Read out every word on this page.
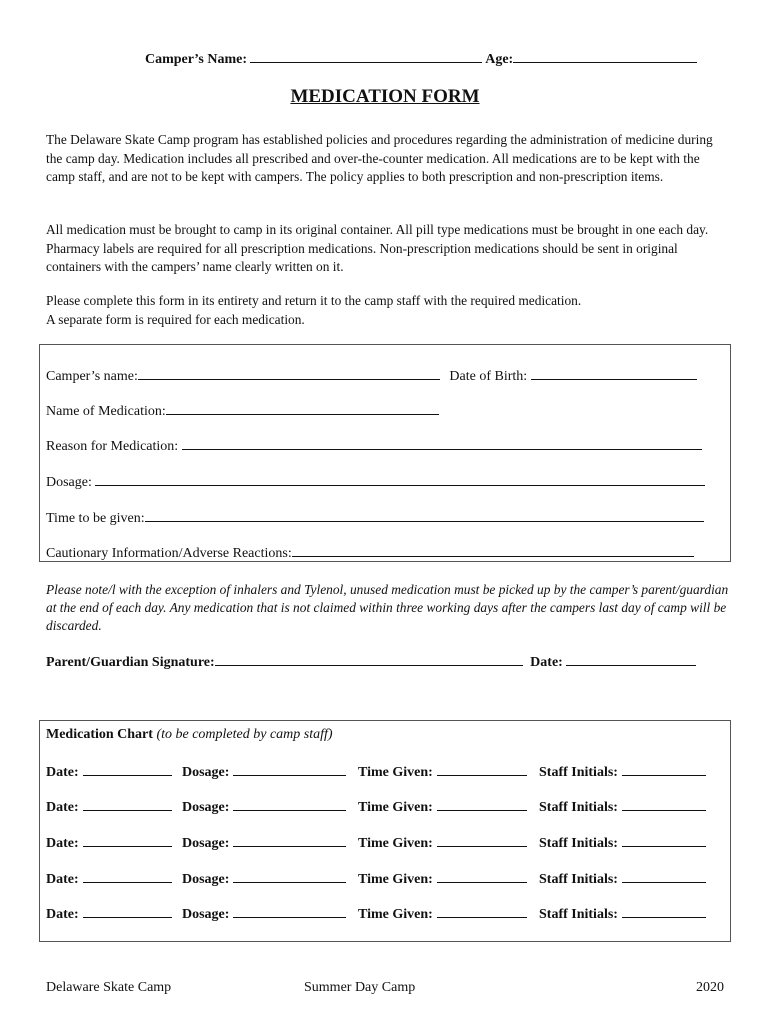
Camper’s Name:	Age:
MEDICATION FORM
The Delaware Skate Camp program has established policies and procedures regarding the administration of medicine during the camp day. Medication includes all prescribed and over-the-counter medication. All medications are to be kept with the camp staff, and are not to be kept with campers. The policy applies to both prescription and non-prescription items.
All medication must be brought to camp in its original container. All pill type medications must be brought in one each day. Pharmacy labels are required for all prescription medications. Non-prescription medications should be sent in original containers with the campers’ name clearly written on it.
Please complete this form in its entirety and return it to the camp staff with the required medication.
A separate form is required for each medication.
Camper’s name:	Date of Birth:
Name of Medication:
Reason for Medication:
Dosage:
Time to be given:
Cautionary Information/Adverse Reactions:
Please note/l with the exception of inhalers and Tylenol, unused medication must be picked up by the camper’s parent/guardian at the end of each day. Any medication that is not claimed within three working days after the campers last day of camp will be discarded.
Parent/Guardian Signature:	Date:
Medication Chart (to be completed by camp staff)
Date:	Dosage:	Time Given:	Staff Initials:
Date:	Dosage:	Time Given:	Staff Initials:
Date:	Dosage:	Time Given:	Staff Initials:
Date:	Dosage:	Time Given:	Staff Initials:
Date:	Dosage:	Time Given:	Staff Initials:
Delaware Skate Camp	Summer Day Camp	2020
